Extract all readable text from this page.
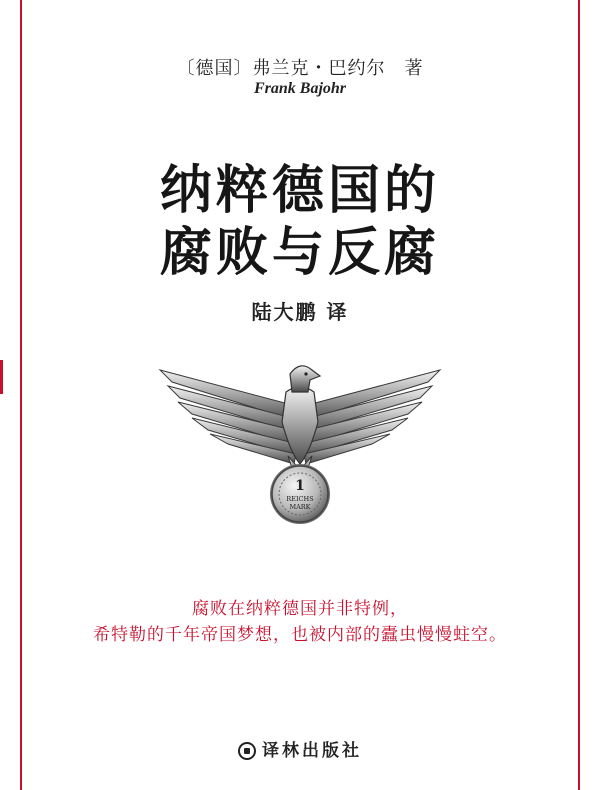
〔德国〕弗兰克・巴约尔　著
Frank Bajohr
纳粹德国的
腐败与反腐
陆大鹏 译
1
REICHS
MARK
腐败在纳粹德国并非特例，
希特勒的千年帝国梦想，也被内部的蠹虫慢慢蛀空。
译林出版社
